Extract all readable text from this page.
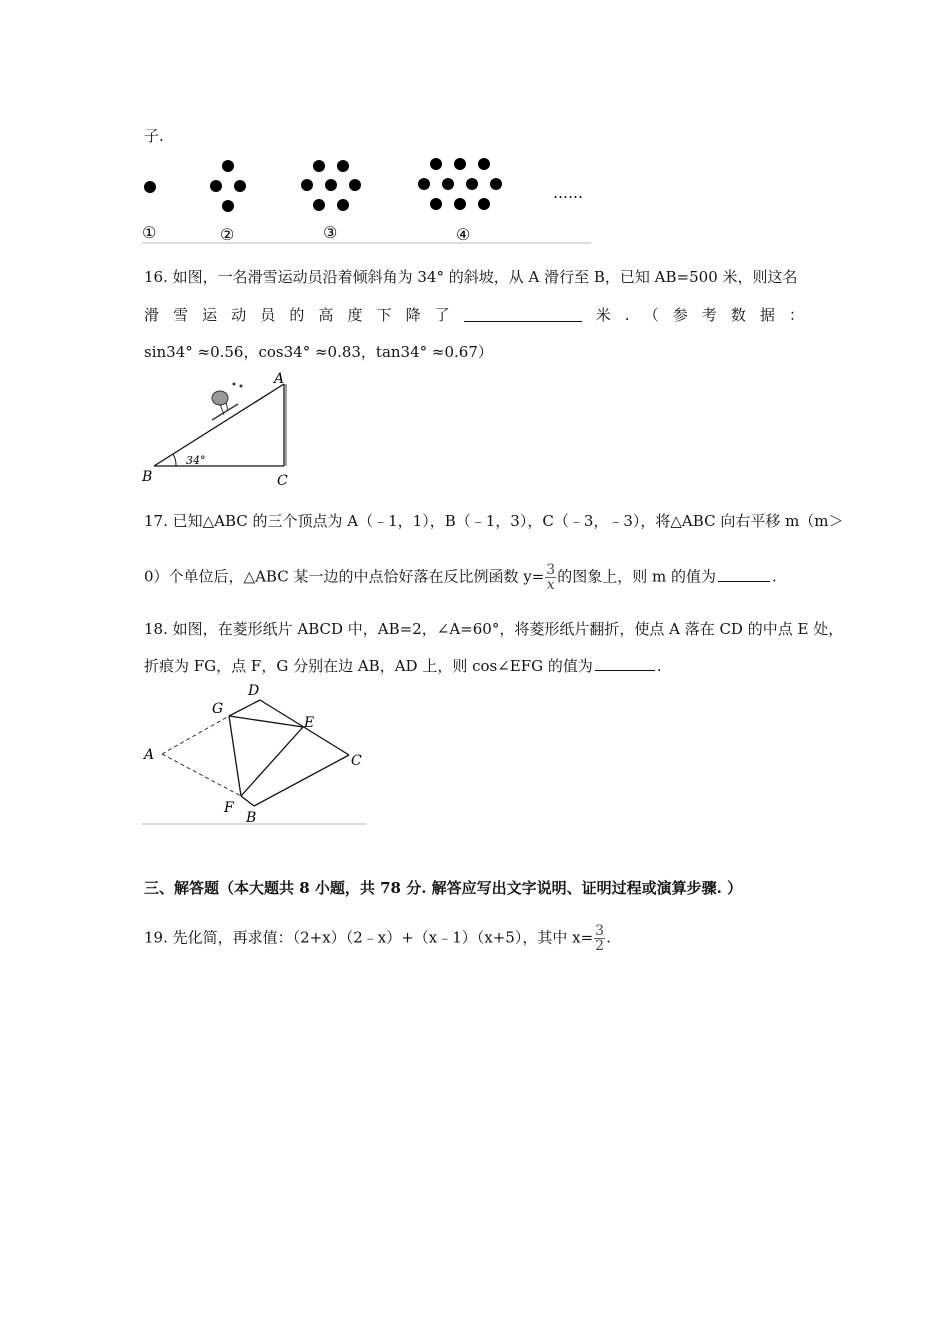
子.
……
①	②	③	④
16. 如图，一名滑雪运动员沿着倾斜角为 34° 的斜坡，从 A 滑行至 B，已知 AB=500 米，则这名
滑 雪 运 动 员 的 高 度 下 降 了	米 . （ 参 考 数 据 ：
sin34° ≈0.56，cos34° ≈0.83，tan34° ≈0.67）
34°
A
B	C
17. 已知△ABC 的三个顶点为 A（﹣1，1），B（﹣1，3），C（﹣3，﹣3），将△ABC 向右平移 m（m＞
0）个单位后，△ABC 某一边的中点恰好落在反比例函数 $y= \frac{3}{x}$ 的图象上，则 m 的值为	.
18. 如图，在菱形纸片 ABCD 中，AB=2，∠A=60°，将菱形纸片翻折，使点 A 落在 CD 的中点 E 处，
折痕为 FG，点 F，G 分别在边 AB，AD 上，则 cos∠EFG 的值为	.
A
G
D
E
C
F
B
三、解答题（本大题共 8 小题，共 78 分. 解答应写出文字说明、证明过程或演算步骤. ）
19. 先化简，再求值：（2+x）（2﹣x）+（x﹣1）（x+5），其中 $x= \frac{3}{2}$ .
